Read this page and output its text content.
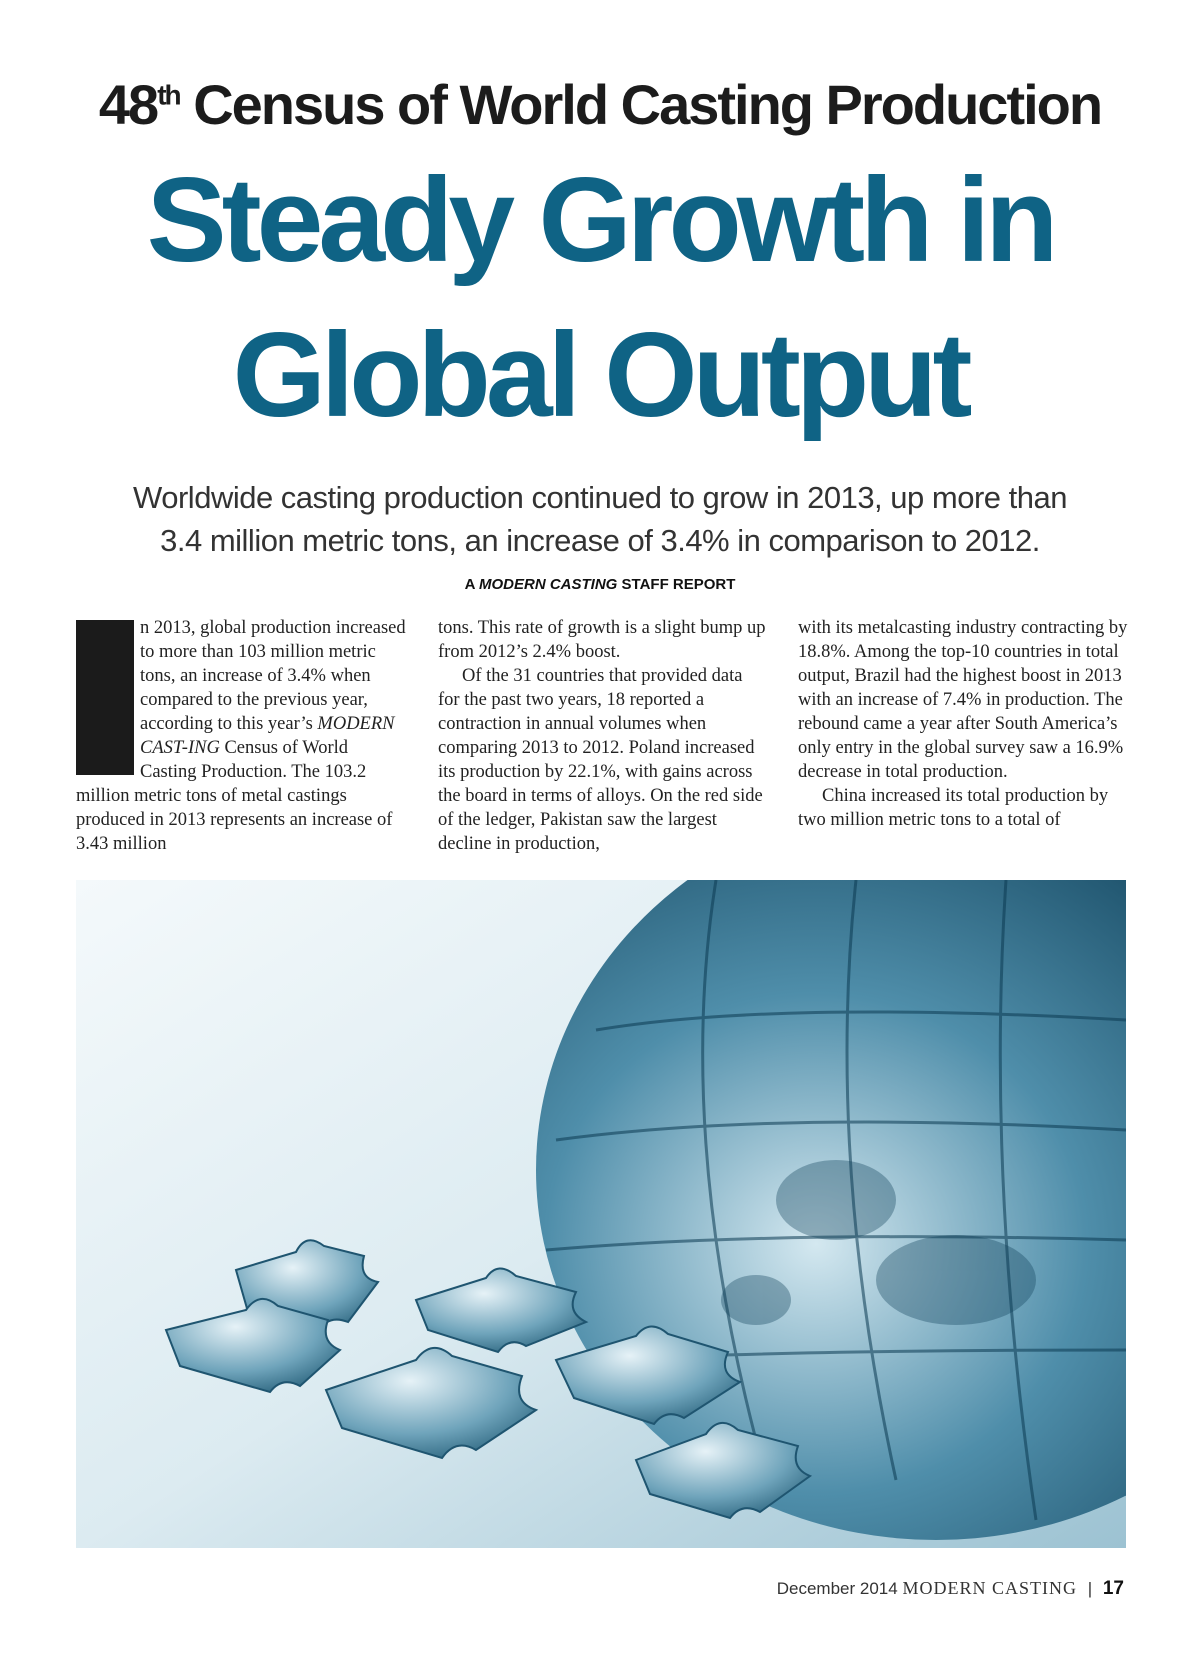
48th Census of World Casting Production
Steady Growth in
Global Output
Worldwide casting production continued to grow in 2013, up more than
3.4 million metric tons, an increase of 3.4% in comparison to 2012.
A MODERN CASTING STAFF REPORT

n 2013, global production increased to more than 103 million metric tons, an increase of 3.4% when compared to the previous year, according to this year’s MODERN CAST-ING Census of World Casting Production. The 103.2 million metric tons of metal castings produced in 2013 represents an increase of 3.43 million

tons. This rate of growth is a slight bump up from 2012’s 2.4% boost.

Of the 31 countries that provided data for the past two years, 18 reported a contraction in annual volumes when comparing 2013 to 2012. Poland increased its production by 22.1%, with gains across the board in terms of alloys. On the red side of the ledger, Pakistan saw the largest decline in production,

with its metalcasting industry contracting by 18.8%. Among the top-10 countries in total output, Brazil had the highest boost in 2013 with an increase of 7.4% in production. The rebound came a year after South America’s only entry in the global survey saw a 16.9% decrease in total production.

China increased its total production by two million metric tons to a total of

December 2014 MODERN CASTING | 17
